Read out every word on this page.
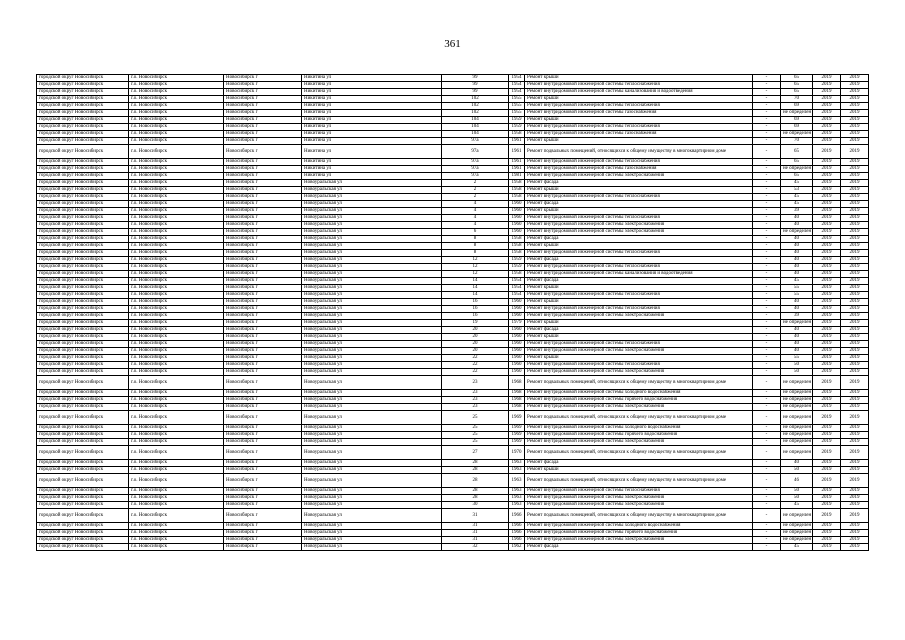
361
городской округ Новосибирск	г.о. Новосибирск	Новосибирск г	Никитина ул	99	1954	Ремонт крыши	-	65	2019	2019
городской округ Новосибирск	г.о. Новосибирск	Новосибирск г	Никитина ул	99	1954	Ремонт внутридомовой инженерной системы теплоснабжения	-	65	2019	2019
городской округ Новосибирск	г.о. Новосибирск	Новосибирск г	Никитина ул	99	1954	Ремонт внутридомовой инженерной системы канализования и водоотведения	-	65	2019	2019
городской округ Новосибирск	г.о. Новосибирск	Новосибирск г	Никитина ул	102	1955	Ремонт крыши	-	70	2019	2019
городской округ Новосибирск	г.о. Новосибирск	Новосибирск г	Никитина ул	102	1955	Ремонт внутридомовой инженерной системы теплоснабжения	-	69	2019	2019
городской округ Новосибирск	г.о. Новосибирск	Новосибирск г	Никитина ул	102	1955	Ремонт внутридомовой инженерной системы газоснабжения	-	не определен	2019	2019
городской округ Новосибирск	г.о. Новосибирск	Новосибирск г	Никитина ул	104	1959	Ремонт крыши	-	69	2019	2019
городской округ Новосибирск	г.о. Новосибирск	Новосибирск г	Никитина ул	104	1959	Ремонт внутридомовой инженерной системы теплоснабжения	-	69	2019	2019
городской округ Новосибирск	г.о. Новосибирск	Новосибирск г	Никитина ул	104	1958	Ремонт внутридомовой инженерной системы газоснабжения	-	не определен	2019	2019
городской округ Новосибирск	г.о. Новосибирск	Новосибирск г	Никитина ул	97а	1961	Ремонт крыши	-	70	2019	2019
городской округ Новосибирск	г.о. Новосибирск	Новосибирск г	Никитина ул	97а	1961	Ремонт подвальных помещений, относящихся к общему имуществу в многоквартирном доме	-	65	2019	2019
городской округ Новосибирск	г.о. Новосибирск	Новосибирск г	Никитина ул	97а	1961	Ремонт внутридомовой инженерной системы теплоснабжения	-	65	2019	2019
городской округ Новосибирск	г.о. Новосибирск	Новосибирск г	Никитина ул	97а	1961	Ремонт внутридомовой инженерной системы газоснабжения	-	не определен	2019	2019
городской округ Новосибирск	г.о. Новосибирск	Новосибирск г	Никитина ул	97а	1981	Ремонт внутридомовой инженерной системы электроснабжения	-	65	2019	2019
городской округ Новосибирск	г.о. Новосибирск	Новосибирск г	Новоуральская ул	2	1958	Ремонт фасада	-	45	2019	2019
городской округ Новосибирск	г.о. Новосибирск	Новосибирск г	Новоуральская ул	2	1958	Ремонт крыши	-	53	2019	2019
городской округ Новосибирск	г.о. Новосибирск	Новосибирск г	Новоуральская ул	2	1958	Ремонт внутридомовой инженерной системы теплоснабжения	-	45	2019	2019
городской округ Новосибирск	г.о. Новосибирск	Новосибирск г	Новоуральская ул	4	1960	Ремонт фасада	-	45	2019	2019
городской округ Новосибирск	г.о. Новосибирск	Новосибирск г	Новоуральская ул	4	1960	Ремонт крыши	-	39	2019	2019
городской округ Новосибирск	г.о. Новосибирск	Новосибирск г	Новоуральская ул	4	1960	Ремонт внутридомовой инженерной системы теплоснабжения	-	40	2019	2019
городской округ Новосибирск	г.о. Новосибирск	Новосибирск г	Новоуральская ул	4	1960	Ремонт внутридомовой инженерной системы электроснабжения	-	40	2019	2019
городской округ Новосибирск	г.о. Новосибирск	Новосибирск г	Новоуральская ул	6	1960	Ремонт внутридомовой инженерной системы электроснабжения	-	не определен	2019	2019
городской округ Новосибирск	г.о. Новосибирск	Новосибирск г	Новоуральская ул	8	1958	Ремонт фасада	-	40	2019	2019
городской округ Новосибирск	г.о. Новосибирск	Новосибирск г	Новоуральская ул	8	1958	Ремонт крыши	-	40	2019	2019
городской округ Новосибирск	г.о. Новосибирск	Новосибирск г	Новоуральская ул	8	1958	Ремонт внутридомовой инженерной системы теплоснабжения	-	40	2019	2019
городской округ Новосибирск	г.о. Новосибирск	Новосибирск г	Новоуральская ул	12	1959	Ремонт фасада	-	40	2019	2019
городской округ Новосибирск	г.о. Новосибирск	Новосибирск г	Новоуральская ул	12	1959	Ремонт внутридомовой инженерной системы теплоснабжения	-	40	2019	2019
городской округ Новосибирск	г.о. Новосибирск	Новосибирск г	Новоуральская ул	12	1958	Ремонт внутридомовой инженерной системы канализования и водоотведения	-	40	2019	2019
городской округ Новосибирск	г.о. Новосибирск	Новосибирск г	Новоуральская ул	14	1954	Ремонт фасада	-	45	2019	2019
городской округ Новосибирск	г.о. Новосибирск	Новосибирск г	Новоуральская ул	14	1954	Ремонт крыши	-	55	2019	2019
городской округ Новосибирск	г.о. Новосибирск	Новосибирск г	Новоуральская ул	14	1954	Ремонт внутридомовой инженерной системы теплоснабжения	-	55	2019	2019
городской округ Новосибирск	г.о. Новосибирск	Новосибирск г	Новоуральская ул	16	1960	Ремонт крыши	-	40	2019	2019
городской округ Новосибирск	г.о. Новосибирск	Новосибирск г	Новоуральская ул	16	1960	Ремонт внутридомовой инженерной системы теплоснабжения	-	40	2019	2019
городской округ Новосибирск	г.о. Новосибирск	Новосибирск г	Новоуральская ул	16	1960	Ремонт внутридомовой инженерной системы электроснабжения	-	39	2019	2019
городской округ Новосибирск	г.о. Новосибирск	Новосибирск г	Новоуральская ул	19	1979	Ремонт крыши	-	не определен	2019	2019
городской округ Новосибирск	г.о. Новосибирск	Новосибирск г	Новоуральская ул	20	1960	Ремонт фасада	-	40	2019	2019
городской округ Новосибирск	г.о. Новосибирск	Новосибирск г	Новоуральская ул	20	1960	Ремонт крыши	-	40	2019	2019
городской округ Новосибирск	г.о. Новосибирск	Новосибирск г	Новоуральская ул	20	1960	Ремонт внутридомовой инженерной системы теплоснабжения	-	40	2019	2019
городской округ Новосибирск	г.о. Новосибирск	Новосибирск г	Новоуральская ул	20	1960	Ремонт внутридомовой инженерной системы электроснабжения	-	40	2019	2019
городской округ Новосибирск	г.о. Новосибирск	Новосибирск г	Новоуральская ул	22	1960	Ремонт крыши	-	55	2019	2019
городской округ Новосибирск	г.о. Новосибирск	Новосибирск г	Новоуральская ул	22	1960	Ремонт внутридомовой инженерной системы теплоснабжения	-	50	2019	2019
городской округ Новосибирск	г.о. Новосибирск	Новосибирск г	Новоуральская ул	22	1960	Ремонт внутридомовой инженерной системы электроснабжения	-	50	2019	2019
городской округ Новосибирск	г.о. Новосибирск	Новосибирск г	Новоуральская ул	23	1968	Ремонт подвальных помещений, относящихся к общему имуществу в многоквартирном доме	-	не определен	2019	2019
городской округ Новосибирск	г.о. Новосибирск	Новосибирск г	Новоуральская ул	23	1968	Ремонт внутридомовой инженерной системы холодного водоснабжения	-	не определен	2019	2019
городской округ Новосибирск	г.о. Новосибирск	Новосибирск г	Новоуральская ул	23	1968	Ремонт внутридомовой инженерной системы горячего водоснабжения	-	не определен	2019	2019
городской округ Новосибирск	г.о. Новосибирск	Новосибирск г	Новоуральская ул	23	1968	Ремонт внутридомовой инженерной системы электроснабжения	-	не определен	2019	2019
городской округ Новосибирск	г.о. Новосибирск	Новосибирск г	Новоуральская ул	25	1969	Ремонт подвальных помещений, относящихся к общему имуществу в многоквартирном доме	-	не определен	2019	2019
городской округ Новосибирск	г.о. Новосибирск	Новосибирск г	Новоуральская ул	25	1969	Ремонт внутридомовой инженерной системы холодного водоснабжения	-	не определен	2019	2019
городской округ Новосибирск	г.о. Новосибирск	Новосибирск г	Новоуральская ул	25	1969	Ремонт внутридомовой инженерной системы горячего водоснабжения	-	не определен	2019	2019
городской округ Новосибирск	г.о. Новосибирск	Новосибирск г	Новоуральская ул	25	1969	Ремонт внутридомовой инженерной системы электроснабжения	-	не определен	2019	2019
городской округ Новосибирск	г.о. Новосибирск	Новосибирск г	Новоуральская ул	27	1970	Ремонт подвальных помещений, относящихся к общему имуществу в многоквартирном доме	-	не определен	2019	2019
городской округ Новосибирск	г.о. Новосибирск	Новосибирск г	Новоуральская ул	28	1963	Ремонт фасада	-	40	2019	2019
городской округ Новосибирск	г.о. Новосибирск	Новосибирск г	Новоуральская ул	28	1963	Ремонт крыши	-	50	2019	2019
городской округ Новосибирск	г.о. Новосибирск	Новосибирск г	Новоуральская ул	28	1963	Ремонт подвальных помещений, относящихся к общему имуществу в многоквартирном доме	-	46	2019	2019
городской округ Новосибирск	г.о. Новосибирск	Новосибирск г	Новоуральская ул	28	1963	Ремонт внутридомовой инженерной системы теплоснабжения	-	50	2019	2019
городской округ Новосибирск	г.о. Новосибирск	Новосибирск г	Новоуральская ул	28	1963	Ремонт внутридомовой инженерной системы электроснабжения	-	50	2019	2019
городской округ Новосибирск	г.о. Новосибирск	Новосибирск г	Новоуральская ул	30	1963	Ремонт внутридомовой инженерной системы электроснабжения	-	45	2019	2019
городской округ Новосибирск	г.о. Новосибирск	Новосибирск г	Новоуральская ул	31	1966	Ремонт подвальных помещений, относящихся к общему имуществу в многоквартирном доме	-	не определен	2019	2019
городской округ Новосибирск	г.о. Новосибирск	Новосибирск г	Новоуральская ул	31	1966	Ремонт внутридомовой инженерной системы холодного водоснабжения	-	не определен	2019	2019
городской округ Новосибирск	г.о. Новосибирск	Новосибирск г	Новоуральская ул	31	1966	Ремонт внутридомовой инженерной системы горячего водоснабжения	-	не определен	2019	2019
городской округ Новосибирск	г.о. Новосибирск	Новосибирск г	Новоуральская ул	31	1966	Ремонт внутридомовой инженерной системы электроснабжения	-	не определен	2019	2019
городской округ Новосибирск	г.о. Новосибирск	Новосибирск г	Новоуральская ул	32	1962	Ремонт фасада	-	45	2019	2019
